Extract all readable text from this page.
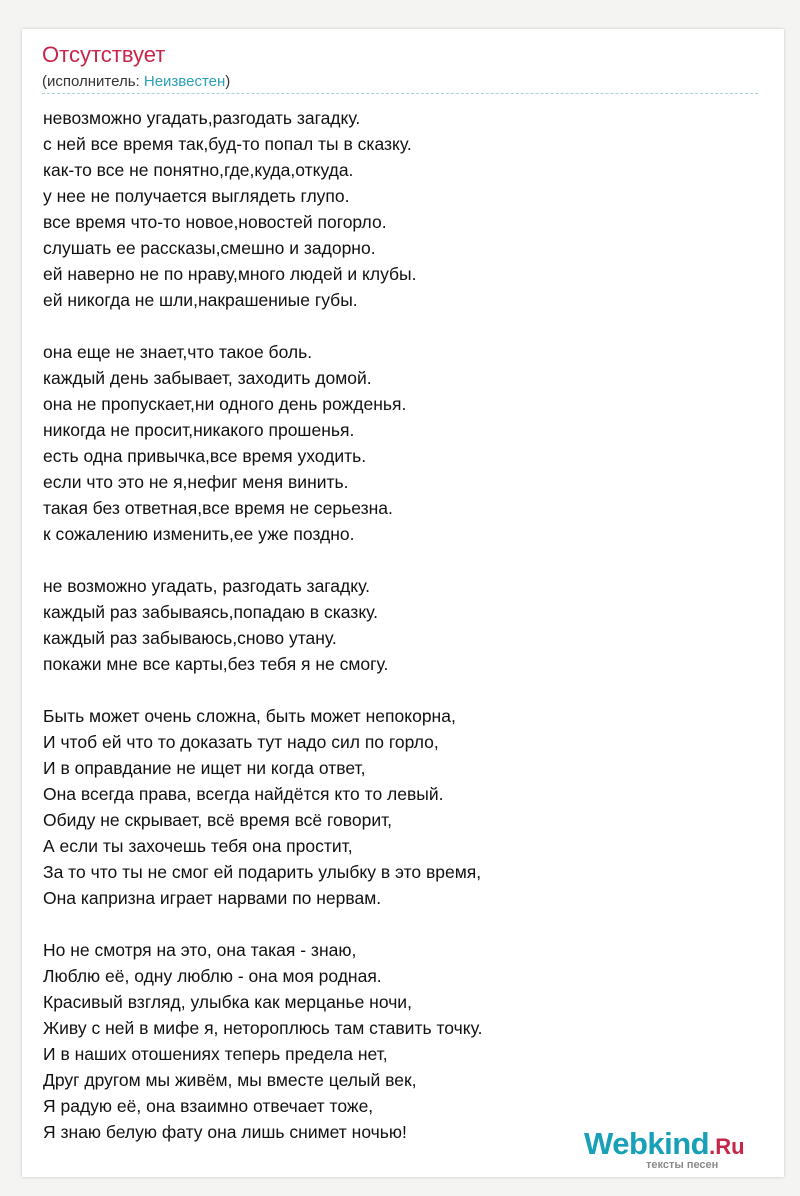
Отсутствует
(исполнитель: Неизвестен)
невозможно угадать,разгодать загадку.
с ней все время так,буд-то попал ты в сказку.
как-то все не понятно,где,куда,откуда.
у нее не получается выглядеть глупо.
все время что-то новое,новостей погорло.
слушать ее рассказы,смешно и задорно.
ей наверно не по нраву,много людей и клубы.
ей никогда не шли,накрашениые губы.
она еще не знает,что такое боль.
каждый день забывает, заходить домой.
она не пропускает,ни одного день рожденья.
никогда не просит,никакого прошенья.
есть одна привычка,все время уходить.
если что это не я,нефиг меня винить.
такая без ответная,все время не серьезна.
к сожалению изменить,ее уже поздно.
не возможно угадать, разгодать загадку.
каждый раз забываясь,попадаю в сказку.
каждый раз забываюсь,сново утану.
покажи мне все карты,без тебя я не смогу.
Быть может очень сложна, быть может непокорна,
И чтоб ей что то доказать тут надо сил по горло,
И в оправдание не ищет ни когда ответ,
Она всегда права, всегда найдётся кто то левый.
Обиду не скрывает, всё время всё говорит,
А если ты захочешь тебя она простит,
За то что ты не смог ей подарить улыбку в это время,
Она капризна играет нарвами по нервам.
Но не смотря на это, она такая - знаю,
Люблю её, одну люблю - она моя родная.
Красивый взгляд, улыбка как мерцанье ночи,
Живу с ней в мифе я, нетороплюсь там ставить точку.
И в наших отошениях теперь предела нет,
Друг другом мы живём, мы вместе целый век,
Я радую её, она взаимно отвечает тоже,
Я знаю белую фату она лишь снимет ночью!	Webkind.Ru
тексты песен
